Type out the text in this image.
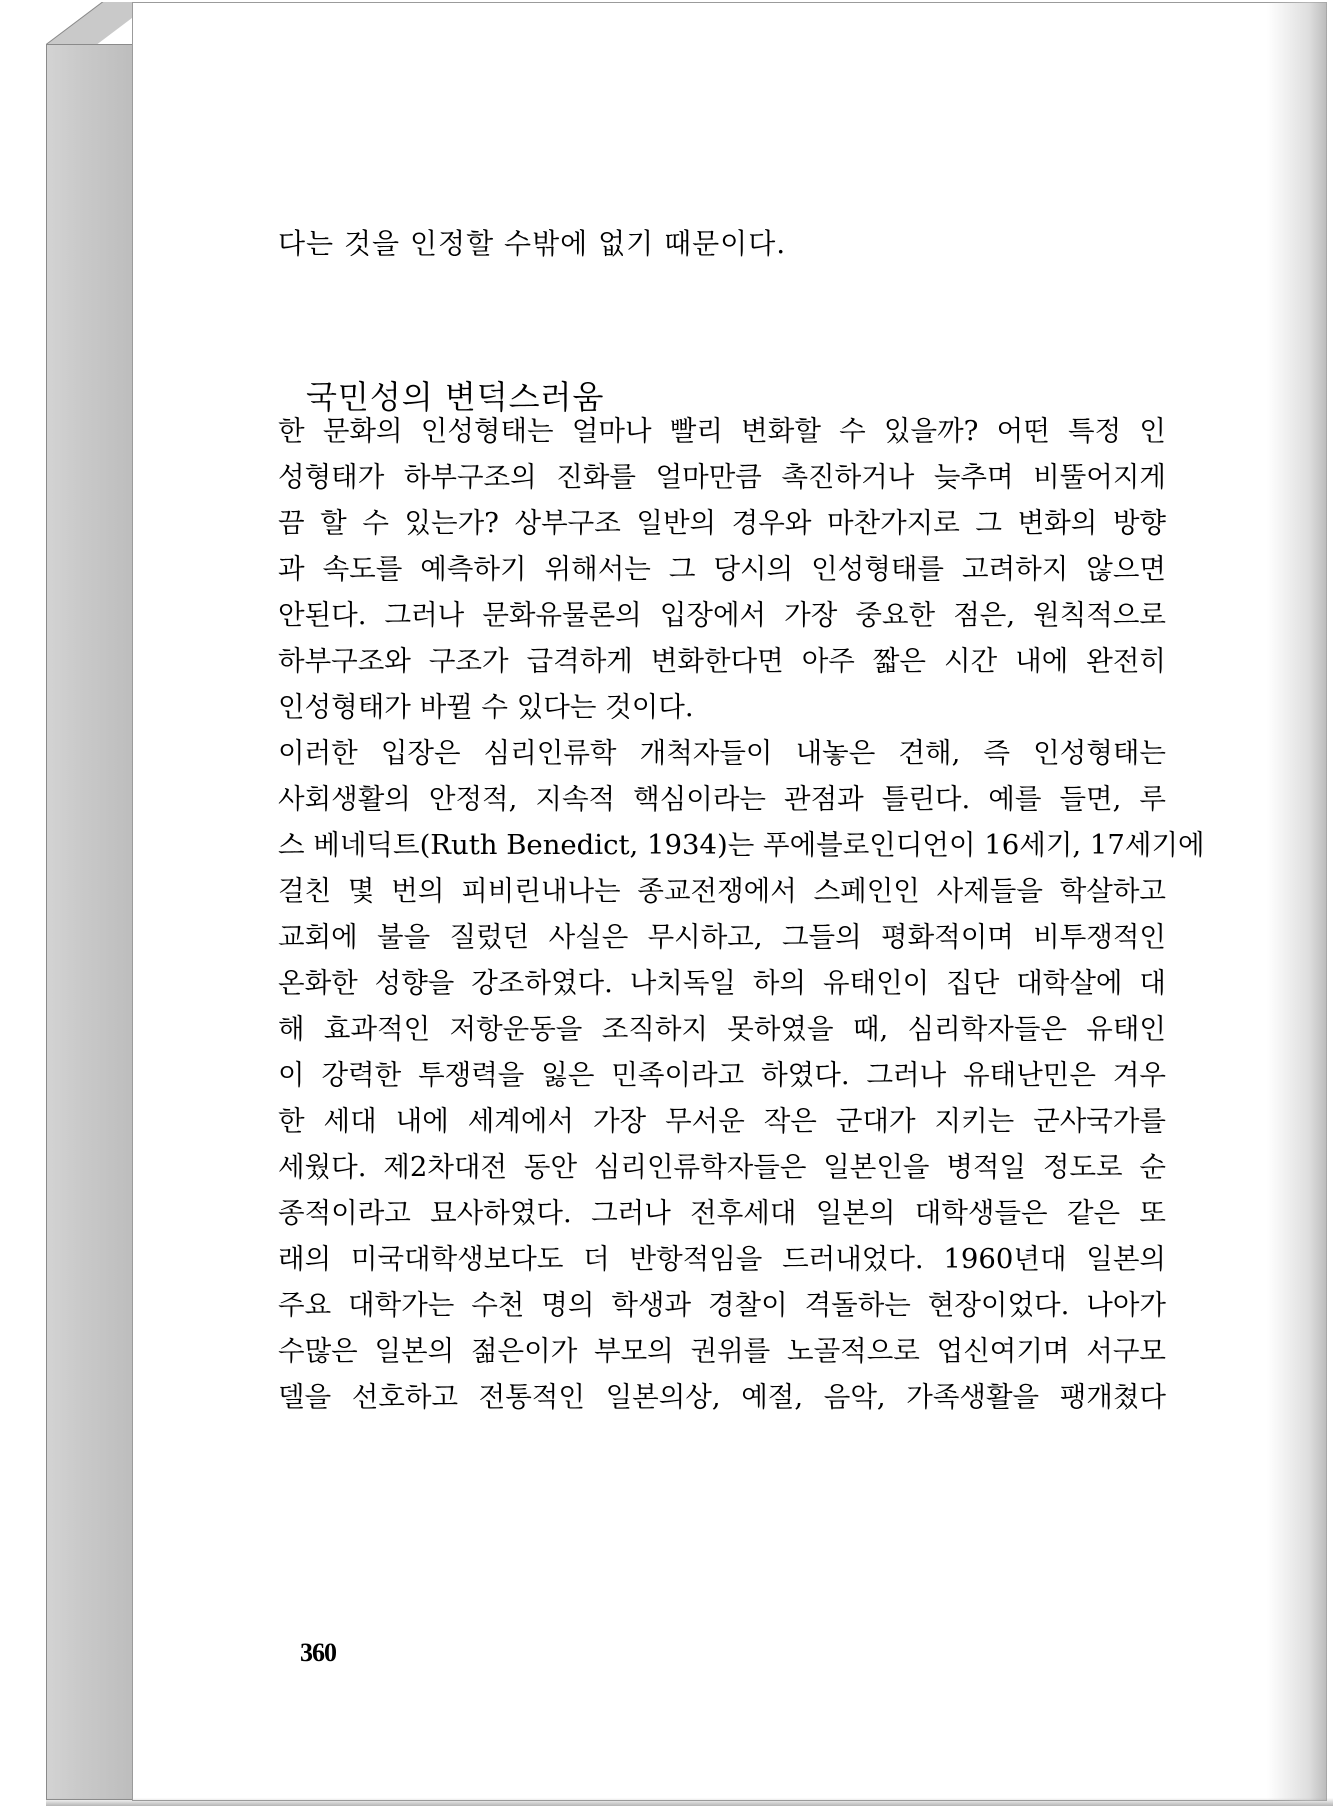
다는 것을 인정할 수밖에 없기 때문이다.
국민성의 변덕스러움
한 문화의 인성형태는 얼마나 빨리 변화할 수 있을까? 어떤 특정 인
성형태가 하부구조의 진화를 얼마만큼 촉진하거나 늦추며 비뚤어지게
끔 할 수 있는가? 상부구조 일반의 경우와 마찬가지로 그 변화의 방향
과 속도를 예측하기 위해서는 그 당시의 인성형태를 고려하지 않으면
안된다. 그러나 문화유물론의 입장에서 가장 중요한 점은, 원칙적으로
하부구조와 구조가 급격하게 변화한다면 아주 짧은 시간 내에 완전히
인성형태가 바뀔 수 있다는 것이다.
이러한 입장은 심리인류학 개척자들이 내놓은 견해, 즉 인성형태는
사회생활의 안정적, 지속적 핵심이라는 관점과 틀린다. 예를 들면, 루
스 베네딕트(Ruth Benedict, 1934)는 푸에블로인디언이 16세기, 17세기에
걸친 몇 번의 피비린내나는 종교전쟁에서 스페인인 사제들을 학살하고
교회에 불을 질렀던 사실은 무시하고, 그들의 평화적이며 비투쟁적인
온화한 성향을 강조하였다. 나치독일 하의 유태인이 집단 대학살에 대
해 효과적인 저항운동을 조직하지 못하였을 때, 심리학자들은 유태인
이 강력한 투쟁력을 잃은 민족이라고 하였다. 그러나 유태난민은 겨우
한 세대 내에 세계에서 가장 무서운 작은 군대가 지키는 군사국가를
세웠다. 제2차대전 동안 심리인류학자들은 일본인을 병적일 정도로 순
종적이라고 묘사하였다. 그러나 전후세대 일본의 대학생들은 같은 또
래의 미국대학생보다도 더 반항적임을 드러내었다. 1960년대 일본의
주요 대학가는 수천 명의 학생과 경찰이 격돌하는 현장이었다. 나아가
수많은 일본의 젊은이가 부모의 권위를 노골적으로 업신여기며 서구모
델을 선호하고 전통적인 일본의상, 예절, 음악, 가족생활을 팽개쳤다
360
